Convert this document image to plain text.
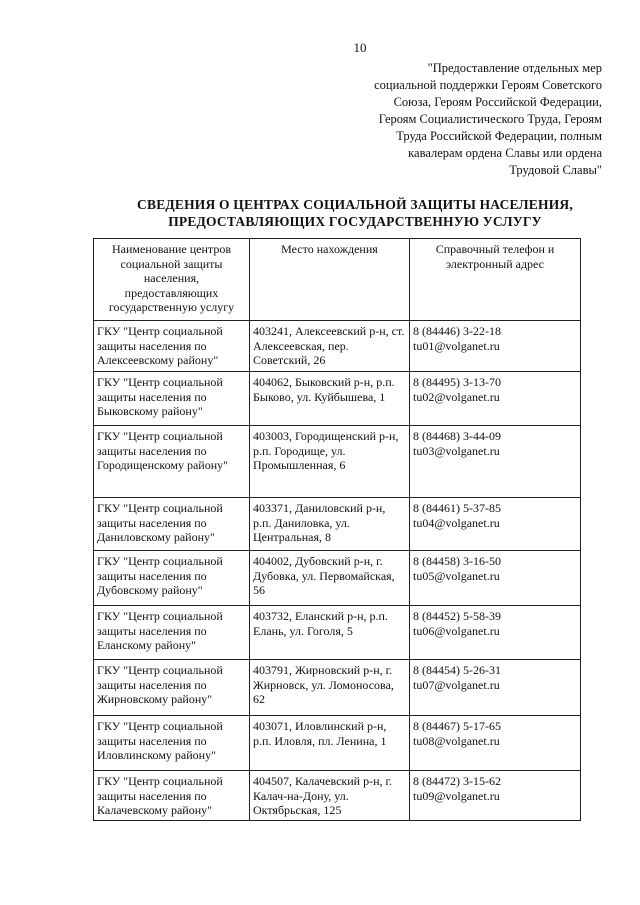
10
"Предоставление отдельных мер
социальной поддержки Героям Советского
Союза, Героям Российской Федерации,
Героям Социалистического Труда, Героям
Труда Российской Федерации, полным
кавалерам ордена Славы или ордена
Трудовой Славы"
СВЕДЕНИЯ О ЦЕНТРАХ СОЦИАЛЬНОЙ ЗАЩИТЫ НАСЕЛЕНИЯ,
ПРЕДОСТАВЛЯЮЩИХ ГОСУДАРСТВЕННУЮ УСЛУГУ
Наименование центров социальной защиты населения, предоставляющих государственную услугу	Место нахождения	Справочный телефон и электронный адрес
ГКУ "Центр социальной защиты населения по Алексеевскому району"	403241, Алексеевский р-н, ст. Алексеевская, пер. Советский, 26	8 (84446) 3-22-18
tu01@volganet.ru

ГКУ "Центр социальной защиты населения по Быковскому району"	404062, Быковский р-н, р.п. Быково, ул. Куйбышева, 1	8 (84495) 3-13-70
tu02@volganet.ru

ГКУ "Центр социальной защиты населения по Городищенскому району"	403003, Городищенский р-н, р.п. Городище, ул. Промышленная, 6	8 (84468) 3-44-09
tu03@volganet.ru

ГКУ "Центр социальной защиты населения по Даниловскому району"	403371, Даниловский р-н, р.п. Даниловка, ул. Центральная, 8	8 (84461) 5-37-85
tu04@volganet.ru

ГКУ "Центр социальной защиты населения по Дубовскому району"	404002, Дубовский р-н, г. Дубовка, ул. Первомайская, 56	8 (84458) 3-16-50
tu05@volganet.ru

ГКУ "Центр социальной защиты населения по Еланскому району"	403732, Еланский р-н, р.п. Елань, ул. Гоголя, 5	8 (84452) 5-58-39
tu06@volganet.ru

ГКУ "Центр социальной защиты населения по Жирновскому району"	403791, Жирновский р-н, г. Жирновск, ул. Ломоносова, 62	8 (84454) 5-26-31
tu07@volganet.ru

ГКУ "Центр социальной защиты населения по Иловлинскому району"	403071, Иловлинский р-н, р.п. Иловля, пл. Ленина, 1	8 (84467) 5-17-65
tu08@volganet.ru

ГКУ "Центр социальной защиты населения по Калачевскому району"	404507, Калачевский р-н, г. Калач-на-Дону, ул. Октябрьская, 125	8 (84472) 3-15-62
tu09@volganet.ru
